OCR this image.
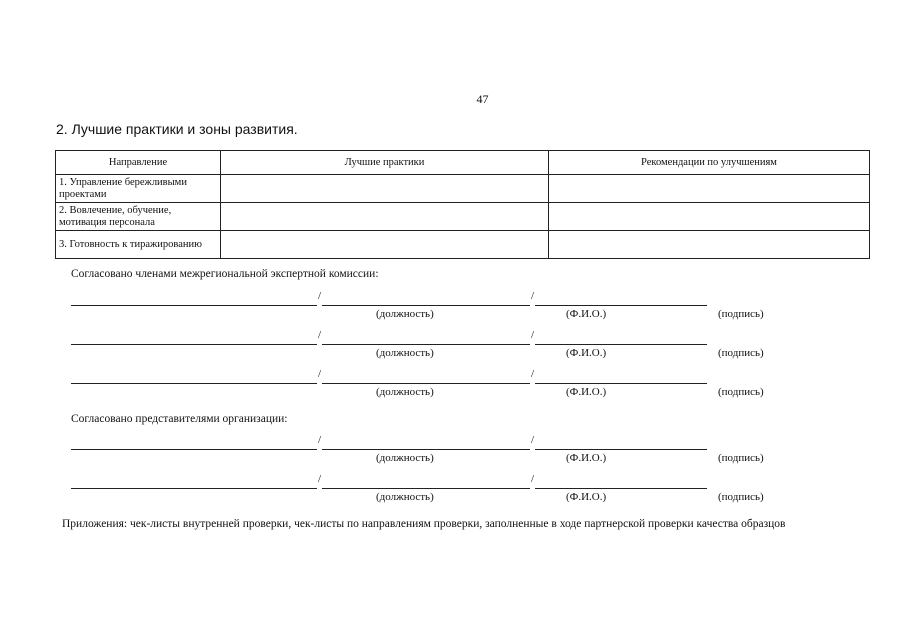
47
2. Лучшие практики и зоны развития.
Направление	Лучшие практики	Рекомендации по улучшениям
1. Управление бережливыми проектами		
2. Вовлечение, обучение, мотивация персонала		
3. Готовность к тиражированию		
Согласовано членами межрегиональной экспертной комиссии:
/	/
(должность)	(Ф.И.О.)	(подпись)
/	/
(должность)	(Ф.И.О.)	(подпись)
/	/
(должность)	(Ф.И.О.)	(подпись)
Согласовано представителями организации:
/	/
(должность)	(Ф.И.О.)	(подпись)
/	/
(должность)	(Ф.И.О.)	(подпись)
Приложения: чек-листы внутренней проверки, чек-листы по направлениям проверки, заполненные в ходе партнерской проверки качества образцов
